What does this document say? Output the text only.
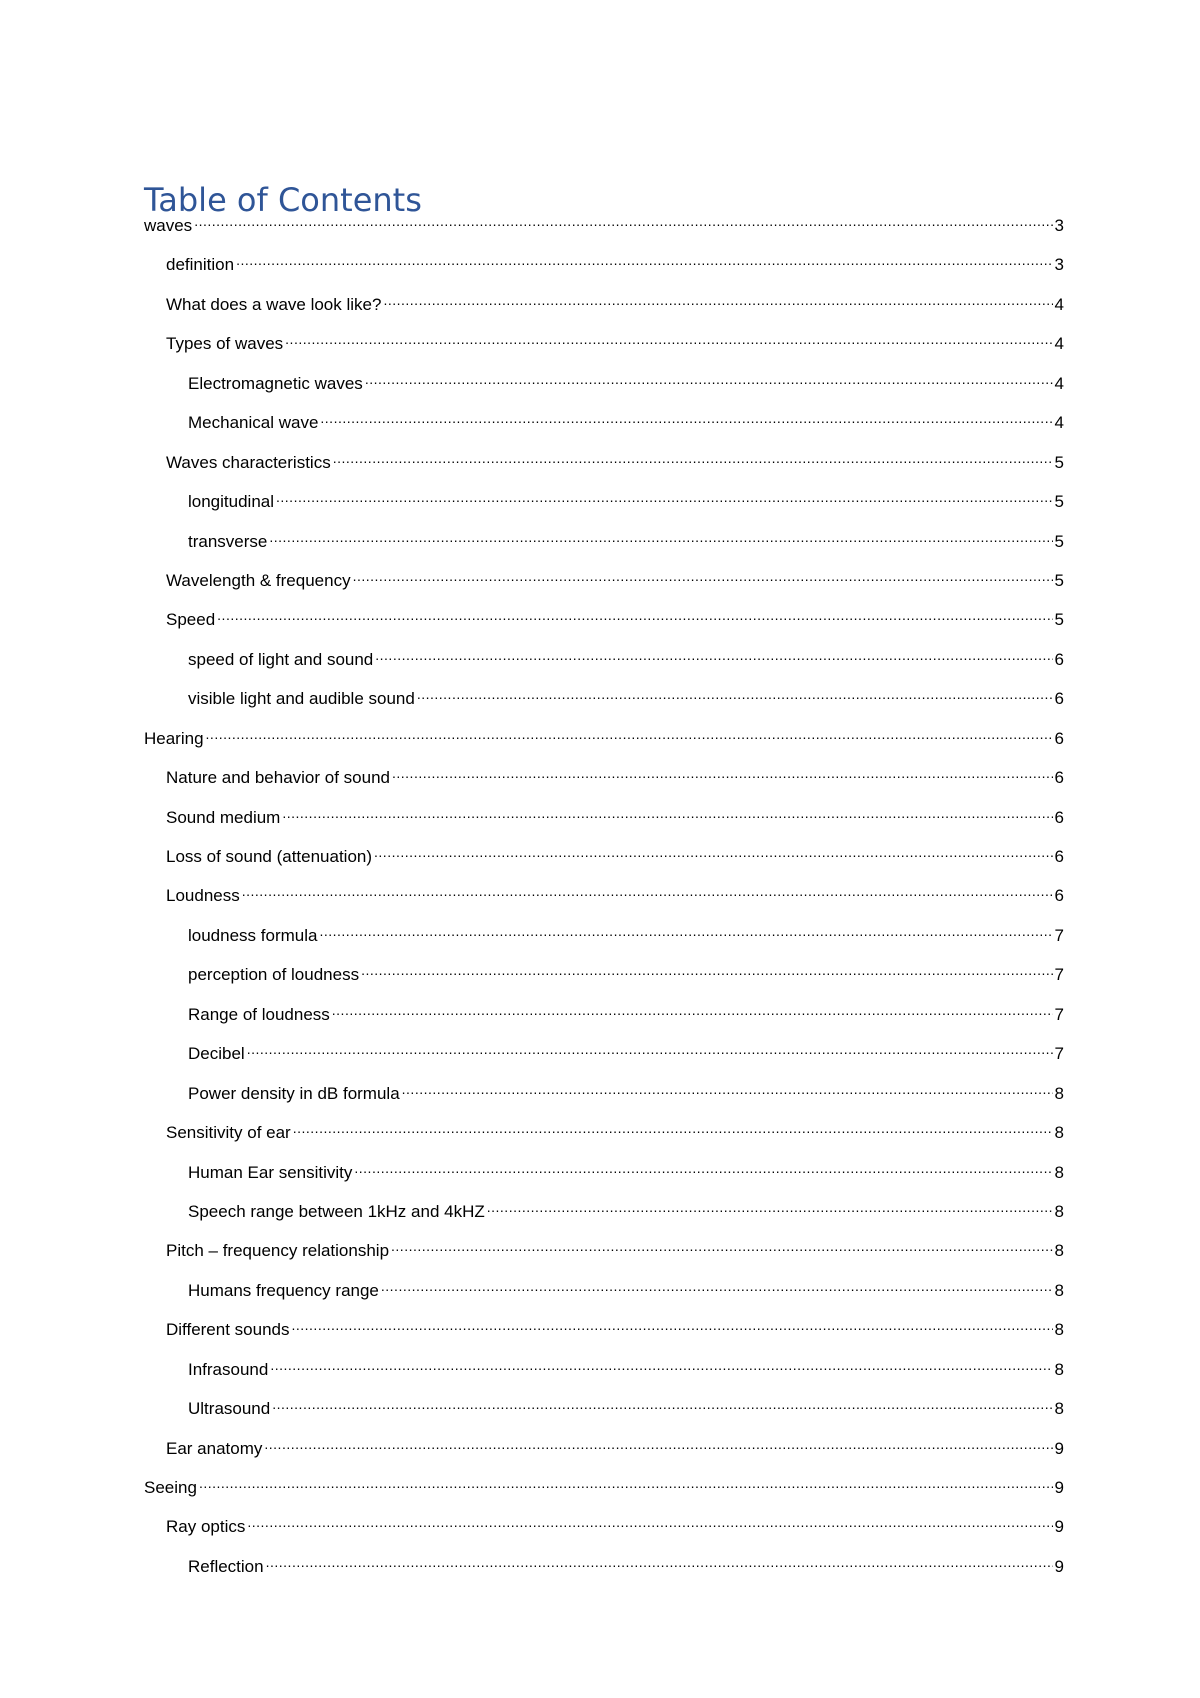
Table of Contents
waves .....	3
definition .....	3
What does a wave look like? .....	4
Types of waves .....	4
Electromagnetic waves .....	4
Mechanical wave .....	4
Waves characteristics .....	5
longitudinal .....	5
transverse .....	5
Wavelength & frequency .....	5
Speed .....	5
speed of light and sound .....	6
visible light and audible sound .....	6
Hearing .....	6
Nature and behavior of sound .....	6
Sound medium .....	6
Loss of sound (attenuation) .....	6
Loudness .....	6
loudness formula .....	7
perception of loudness .....	7
Range of loudness .....	7
Decibel .....	7
Power density in dB formula .....	8
Sensitivity of ear .....	8
Human Ear sensitivity .....	8
Speech range between 1kHz and 4kHZ .....	8
Pitch – frequency relationship .....	8
Humans frequency range .....	8
Different sounds .....	8
Infrasound .....	8
Ultrasound .....	8
Ear anatomy .....	9
Seeing .....	9
Ray optics .....	9
Reflection .....	9
